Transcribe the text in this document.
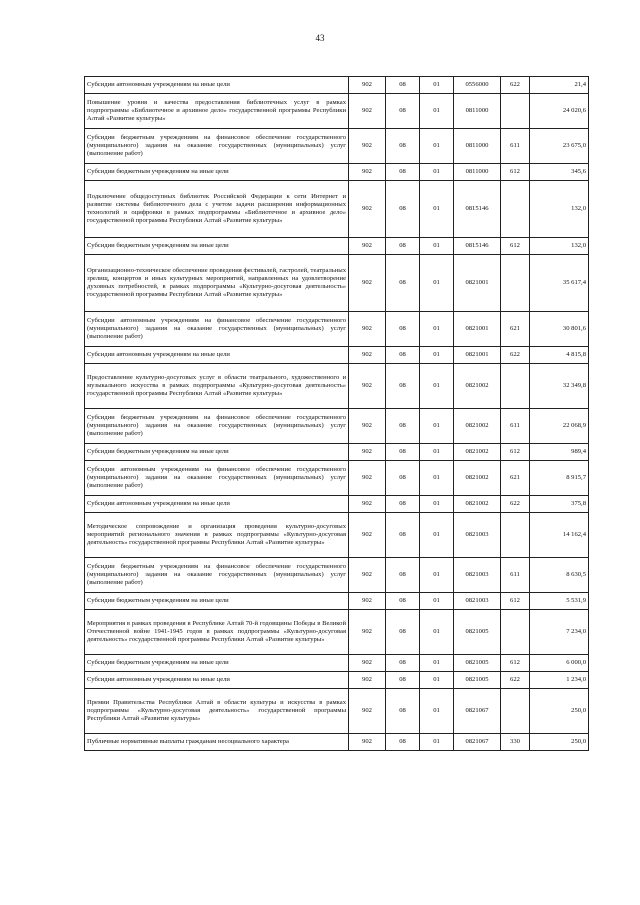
43
Субсидии автономным учреждениям на иные цели	902	08	01	0556000	622	21,4
Повышение уровня и качества предоставления библиотечных услуг в рамках подпрограммы «Библиотечное и архивное дело» государственной программы Республики Алтай «Развитие культуры»	902	08	01	0811000		24 020,6
Субсидии бюджетным учреждениям на финансовое обеспечение государственного (муниципального) задания на оказание государственных (муниципальных) услуг (выполнение работ)	902	08	01	0811000	611	23 675,0
Субсидии бюджетным учреждениям на иные цели	902	08	01	0811000	612	345,6
Подключение общедоступных библиотек Российской Федерации к сети Интернет и развитие системы библиотечного дела с учетом задачи расширения информационных технологий и оцифровки в рамках подпрограммы «Библиотечное и архивное дело» государственной программы Республики Алтай «Развитие культуры»	902	08	01	0815146		132,0
Субсидии бюджетным учреждениям на иные цели	902	08	01	0815146	612	132,0
Организационно-техническое обеспечение проведения фестивалей, гастролей, театральных зрелищ, концертов и иных культурных мероприятий, направленных на удовлетворение духовных потребностей, в рамках подпрограммы «Культурно-досуговая деятельность» государственной программы Республики Алтай «Развитие культуры»	902	08	01	0821001		35 617,4
Субсидии автономным учреждениям на финансовое обеспечение государственного (муниципального) задания на оказание государственных (муниципальных) услуг (выполнение работ)	902	08	01	0821001	621	30 801,6
Субсидии автономным учреждениям на иные цели	902	08	01	0821001	622	4 815,8
Предоставление культурно-досуговых услуг в области театрального, художественного и музыкального искусства в рамках подпрограммы «Культурно-досуговая деятельность» государственной программы Республики Алтай «Развитие культуры»	902	08	01	0821002		32 349,8
Субсидии бюджетным учреждениям на финансовое обеспечение государственного (муниципального) задания на оказание государственных (муниципальных) услуг (выполнение работ)	902	08	01	0821002	611	22 068,9
Субсидии бюджетным учреждениям на иные цели	902	08	01	0821002	612	989,4
Субсидии автономным учреждениям на финансовое обеспечение государственного (муниципального) задания на оказание государственных (муниципальных) услуг (выполнение работ)	902	08	01	0821002	621	8 915,7
Субсидии автономным учреждениям на иные цели	902	08	01	0821002	622	375,8
Методическое сопровождение и организация проведения культурно-досуговых мероприятий регионального значения в рамках подпрограммы «Культурно-досуговая деятельность» государственной программы Республики Алтай «Развитие культуры»	902	08	01	0821003		14 162,4
Субсидии бюджетным учреждениям на финансовое обеспечение государственного (муниципального) задания на оказание государственных (муниципальных) услуг (выполнение работ)	902	08	01	0821003	611	8 630,5
Субсидии бюджетным учреждениям на иные цели	902	08	01	0821003	612	5 531,9
Мероприятия в рамках проведения в Республике Алтай 70-й годовщины Победы в Великой Отечественной войне 1941-1945 годов в рамках подпрограммы «Культурно-досуговая деятельность» государственной программы Республики Алтай «Развитие культуры»	902	08	01	0821005		7 234,0
Субсидии бюджетным учреждениям на иные цели	902	08	01	0821005	612	6 000,0
Субсидии автономным учреждениям на иные цели	902	08	01	0821005	622	1 234,0
Премии Правительства Республики Алтай в области культуры и искусства в рамках подпрограммы «Культурно-досуговая деятельность» государственной программы Республики Алтай «Развитие культуры»	902	08	01	0821067		250,0
Публичные нормативные выплаты гражданам несоциального характера	902	08	01	0821067	330	250,0
